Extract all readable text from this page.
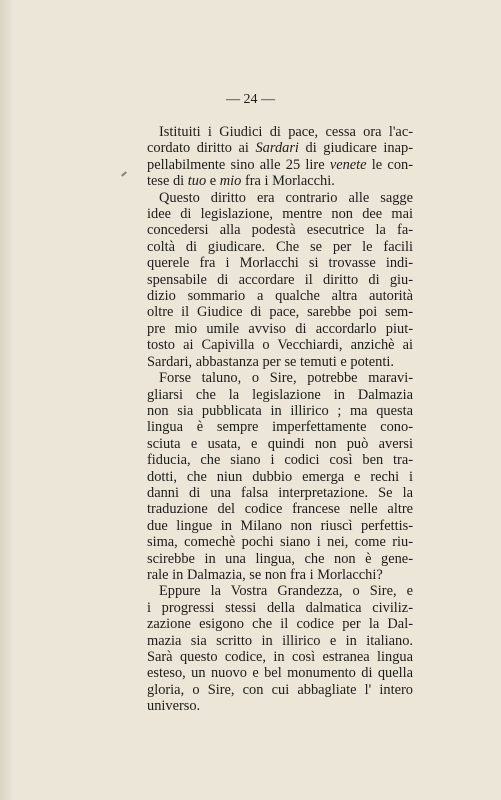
— 24 —
Istituiti i Giudici di pace, cessa ora l'ac-
cordato diritto ai Sardari di giudicare inap-
pellabilmente sino alle 25 lire venete le con-
tese di tuo e mio fra i Morlacchi.
Questo diritto era contrario alle sagge
idee di legislazione, mentre non dee mai
concedersi alla podestà esecutrice la fa-
coltà di giudicare. Che se per le facili
querele fra i Morlacchi si trovasse indi-
spensabile di accordare il diritto di giu-
dizio sommario a qualche altra autorità
oltre il Giudice di pace, sarebbe poi sem-
pre mio umile avviso di accordarlo piut-
tosto ai Capivilla o Vecchiardi, anzichè ai
Sardari, abbastanza per se temuti e potenti.
Forse taluno, o Sire, potrebbe maravi-
gliarsi che la legislazione in Dalmazia
non sia pubblicata in illirico ; ma questa
lingua è sempre imperfettamente cono-
sciuta e usata, e quindi non può aversi
fiducia, che siano i codici così ben tra-
dotti, che niun dubbio emerga e rechi i
danni di una falsa interpretazione. Se la
traduzione del codice francese nelle altre
due lingue in Milano non riuscì perfettis-
sima, comechè pochi siano i nei, come riu-
scirebbe in una lingua, che non è gene-
rale in Dalmazia, se non fra i Morlacchi?
Eppure la Vostra Grandezza, o Sire, e
i progressi stessi della dalmatica civiliz-
zazione esigono che il codice per la Dal-
mazia sia scritto in illirico e in italiano.
Sarà questo codice, in così estranea lingua
esteso, un nuovo e bel monumento di quella
gloria, o Sire, con cui abbagliate l' intero
universo.
